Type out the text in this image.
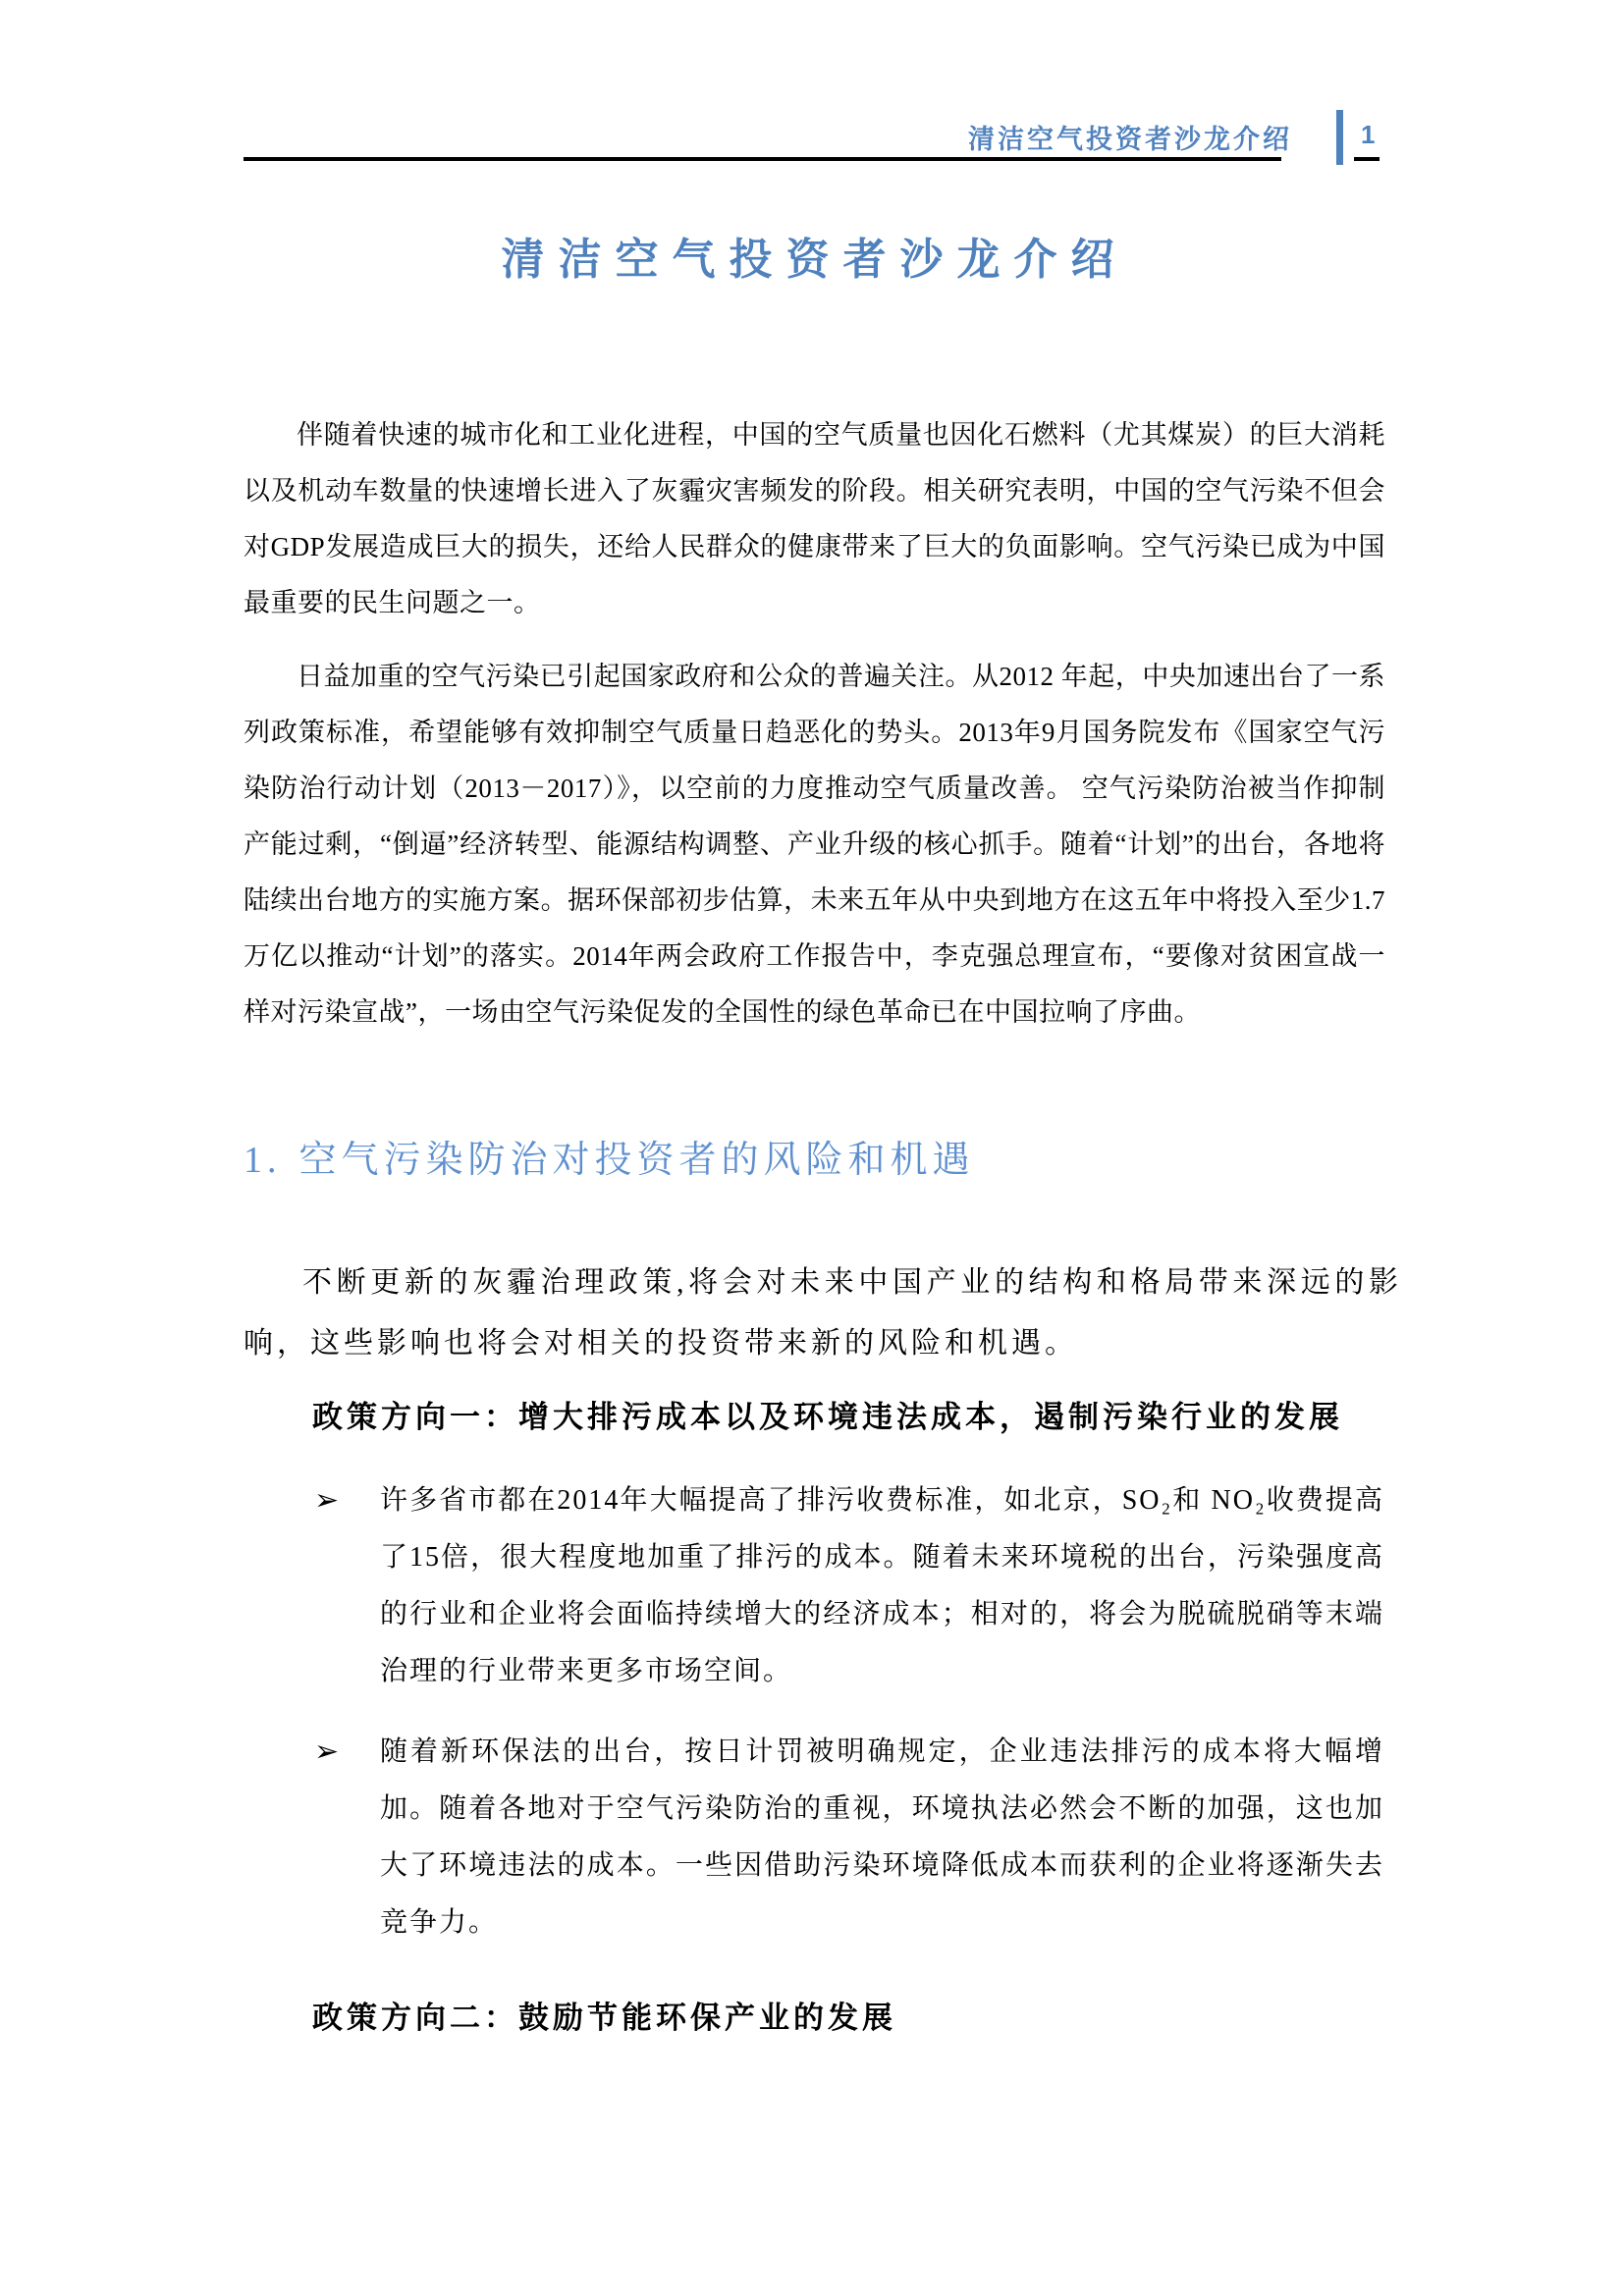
清洁空气投资者沙龙介绍	1
清洁空气投资者沙龙介绍

伴随着快速的城市化和工业化进程，中国的空气质量也因化石燃料（尤其煤炭）的巨大消耗以及机动车数量的快速增长进入了灰霾灾害频发的阶段。相关研究表明，中国的空气污染不但会对GDP发展造成巨大的损失，还给人民群众的健康带来了巨大的负面影响。空气污染已成为中国最重要的民生问题之一。

日益加重的空气污染已引起国家政府和公众的普遍关注。从2012 年起，中央加速出台了一系列政策标准，希望能够有效抑制空气质量日趋恶化的势头。2013年9月国务院发布《国家空气污染防治行动计划（2013－2017）》，以空前的力度推动空气质量改善。 空气污染防治被当作抑制产能过剩，“倒逼”经济转型、能源结构调整、产业升级的核心抓手。随着“计划”的出台，各地将陆续出台地方的实施方案。据环保部初步估算，未来五年从中央到地方在这五年中将投入至少1.7 万亿以推动“计划”的落实。2014年两会政府工作报告中，李克强总理宣布，“要像对贫困宣战一样对污染宣战”，一场由空气污染促发的全国性的绿色革命已在中国拉响了序曲。

1. 空气污染防治对投资者的风险和机遇

不断更新的灰霾治理政策,将会对未来中国产业的结构和格局带来深远的影响，这些影响也将会对相关的投资带来新的风险和机遇。

政策方向一：增大排污成本以及环境违法成本，遏制污染行业的发展
➢ 许多省市都在2014年大幅提高了排污收费标准，如北京，SO₂和 NO₂收费提高了15倍，很大程度地加重了排污的成本。随着未来环境税的出台，污染强度高的行业和企业将会面临持续增大的经济成本；相对的，将会为脱硫脱硝等末端治理的行业带来更多市场空间。
➢ 随着新环保法的出台，按日计罚被明确规定，企业违法排污的成本将大幅增加。随着各地对于空气污染防治的重视，环境执法必然会不断的加强，这也加大了环境违法的成本。一些因借助污染环境降低成本而获利的企业将逐渐失去竞争力。
政策方向二：鼓励节能环保产业的发展
